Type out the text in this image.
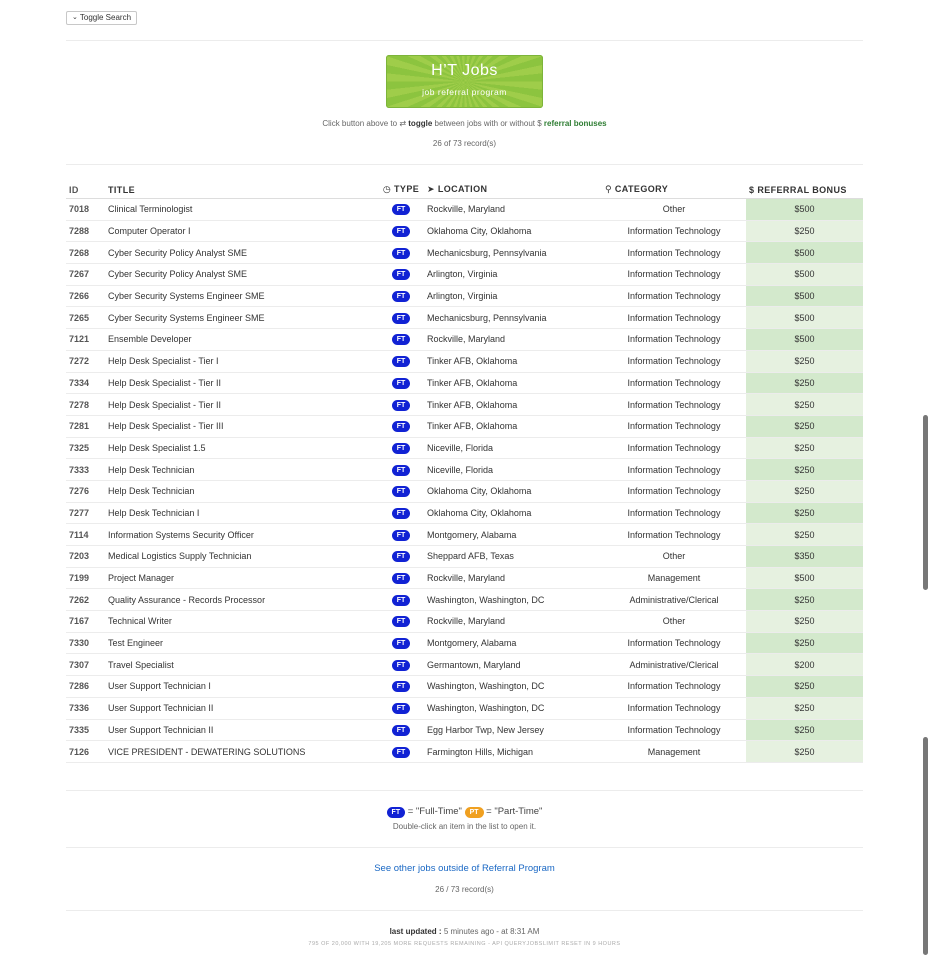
⌄ Toggle Search
H’T Jobs
job referral program
Click button above to ⇄ toggle between jobs with or without $ referral bonuses
26 of 73 record(s)
ID	TITLE	◷ TYPE	➤ LOCATION	⚲ CATEGORY	$ REFERRAL BONUS
7018	Clinical Terminologist	FT	Rockville, Maryland	Other	$500
7288	Computer Operator I	FT	Oklahoma City, Oklahoma	Information Technology	$250
7268	Cyber Security Policy Analyst SME	FT	Mechanicsburg, Pennsylvania	Information Technology	$500
7267	Cyber Security Policy Analyst SME	FT	Arlington, Virginia	Information Technology	$500
7266	Cyber Security Systems Engineer SME	FT	Arlington, Virginia	Information Technology	$500
7265	Cyber Security Systems Engineer SME	FT	Mechanicsburg, Pennsylvania	Information Technology	$500
7121	Ensemble Developer	FT	Rockville, Maryland	Information Technology	$500
7272	Help Desk Specialist - Tier I	FT	Tinker AFB, Oklahoma	Information Technology	$250
7334	Help Desk Specialist - Tier II	FT	Tinker AFB, Oklahoma	Information Technology	$250
7278	Help Desk Specialist - Tier II	FT	Tinker AFB, Oklahoma	Information Technology	$250
7281	Help Desk Specialist - Tier III	FT	Tinker AFB, Oklahoma	Information Technology	$250
7325	Help Desk Specialist 1.5	FT	Niceville, Florida	Information Technology	$250
7333	Help Desk Technician	FT	Niceville, Florida	Information Technology	$250
7276	Help Desk Technician	FT	Oklahoma City, Oklahoma	Information Technology	$250
7277	Help Desk Technician I	FT	Oklahoma City, Oklahoma	Information Technology	$250
7114	Information Systems Security Officer	FT	Montgomery, Alabama	Information Technology	$250
7203	Medical Logistics Supply Technician	FT	Sheppard AFB, Texas	Other	$350
7199	Project Manager	FT	Rockville, Maryland	Management	$500
7262	Quality Assurance - Records Processor	FT	Washington, Washington, DC	Administrative/Clerical	$250
7167	Technical Writer	FT	Rockville, Maryland	Other	$250
7330	Test Engineer	FT	Montgomery, Alabama	Information Technology	$250
7307	Travel Specialist	FT	Germantown, Maryland	Administrative/Clerical	$200
7286	User Support Technician I	FT	Washington, Washington, DC	Information Technology	$250
7336	User Support Technician II	FT	Washington, Washington, DC	Information Technology	$250
7335	User Support Technician II	FT	Egg Harbor Twp, New Jersey	Information Technology	$250
7126	VICE PRESIDENT - DEWATERING SOLUTIONS	FT	Farmington Hills, Michigan	Management	$250
FT = "Full-Time" PT = "Part-Time"
Double-click an item in the list to open it.
See other jobs outside of Referral Program
26 / 73 record(s)
last updated : 5 minutes ago - at 8:31 AM
795 OF 20,000 WITH 19,205 MORE REQUESTS REMAINING - API QUERYJOBSLIMIT RESET IN 9 HOURS
